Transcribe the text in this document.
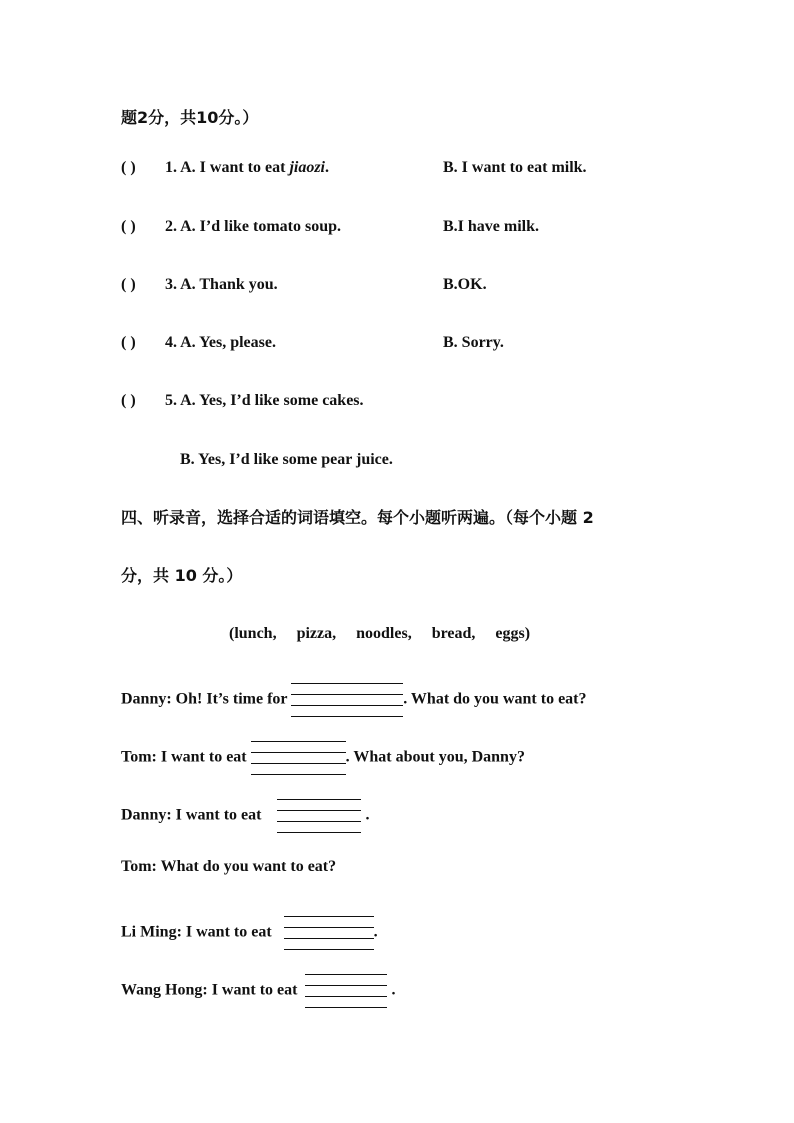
题2分，共10分。）
( ) 1. A. I want to eat jiaozi.	B. I want to eat milk.
( ) 2. A. I’d like tomato soup.	B.I have milk.
( ) 3. A. Thank you.	B.OK.
( ) 4. A. Yes, please.	B. Sorry.
( ) 5. A. Yes, I’d like some cakes.
B. Yes, I’d like some pear juice.
四、听录音，选择合适的词语填空。每个小题听两遍。（每个小题 2
分，共 10 分。）
(lunch,     pizza,     noodles,     bread,     eggs)
Danny: Oh! It’s time for	. What do you want to eat?
Tom: I want to eat	. What about you, Danny?
Danny: I want to eat	.
Tom: What do you want to eat?
Li Ming: I want to eat	.
Wang Hong: I want to eat	.
